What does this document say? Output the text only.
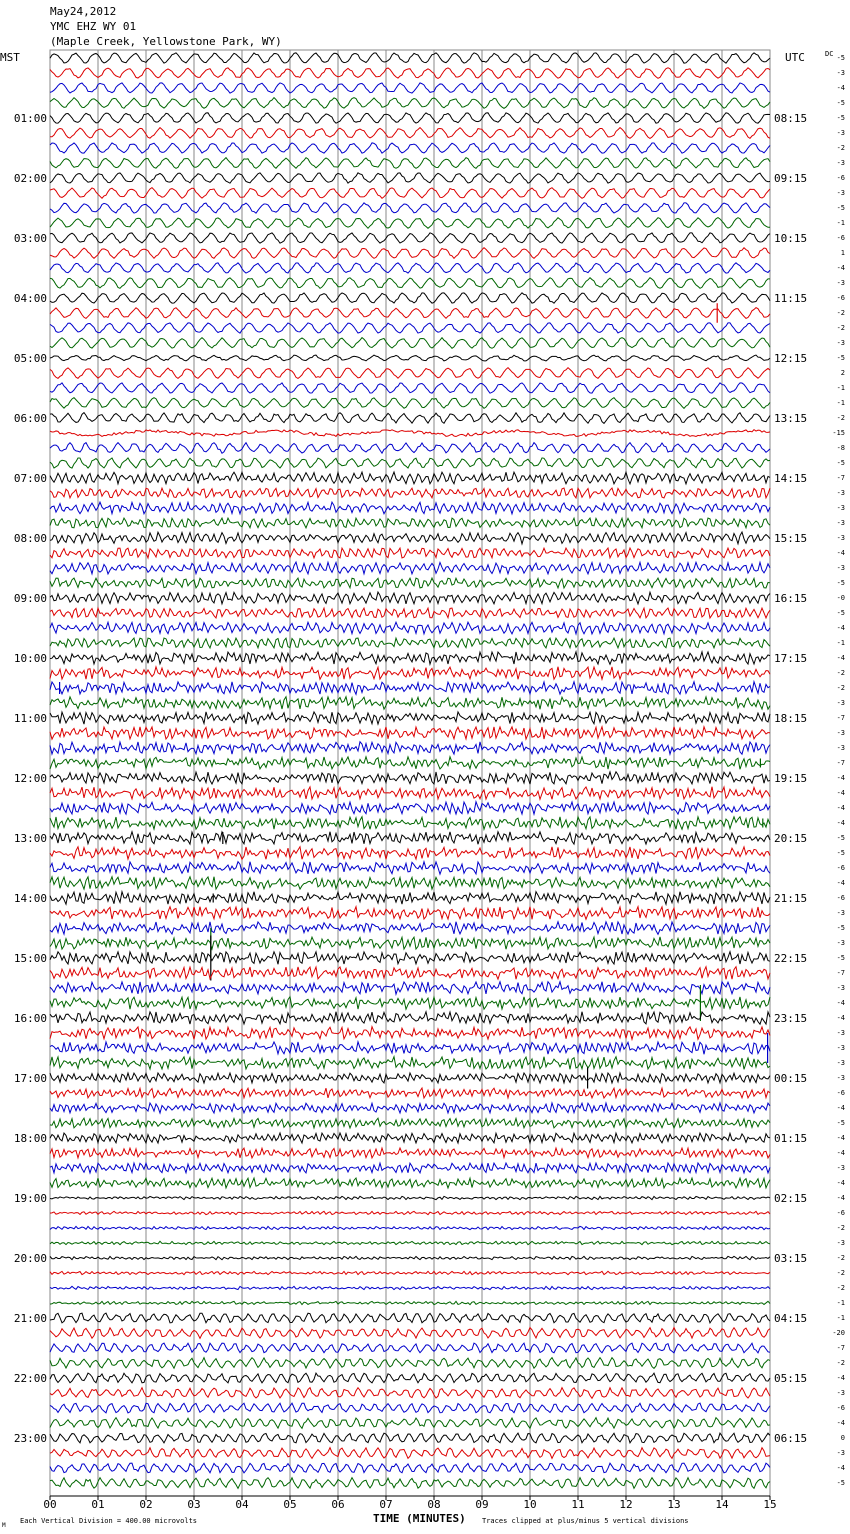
May24,2012
YMC EHZ WY 01
(Maple Creek, Yellowstone Park, WY)
MST	UTC	DC
01:00
02:00
03:00
04:00
05:00
06:00
07:00
08:00
09:00
10:00
11:00
12:00
13:00
14:00
15:00
16:00
17:00
18:00
19:00
20:00
21:00
22:00
23:00
08:15
09:15
10:15
11:15
12:15
13:15
14:15
15:15
16:15
17:15
18:15
19:15
20:15
21:15
22:15
23:15
00:15
01:15
02:15
03:15
04:15
05:15
06:15
-5
-3
-4
-5
-5
-3
-2
-3
-6
-3
-5
-1
-6
1
-4
-3
-6
-2
-2
-3
-5
2
-1
-1
-2
-15
-8
-5
-7
-3
-3
-3
-3
-4
-3
-5
-0
-5
-4
-1
-4
-2
-2
-3
-7
-3
-3
-7
-4
-4
-4
-4
-5
-5
-6
-4
-6
-3
-5
-3
-5
-7
-3
-4
-4
-3
-3
-3
-3
-6
-4
-5
-4
-4
-3
-4
-4
-6
-2
-3
-2
-2
-2
-1
-1
-20
-7
-2
-4
-3
-6
-4
0
-3
-4
-5
00	01	02	03	04	05	06	07	08	09	10	11	12	13	14	15
TIME (MINUTES)
M
Each Vertical Division = 400.00 microvolts	Traces clipped at plus/minus 5 vertical divisions
